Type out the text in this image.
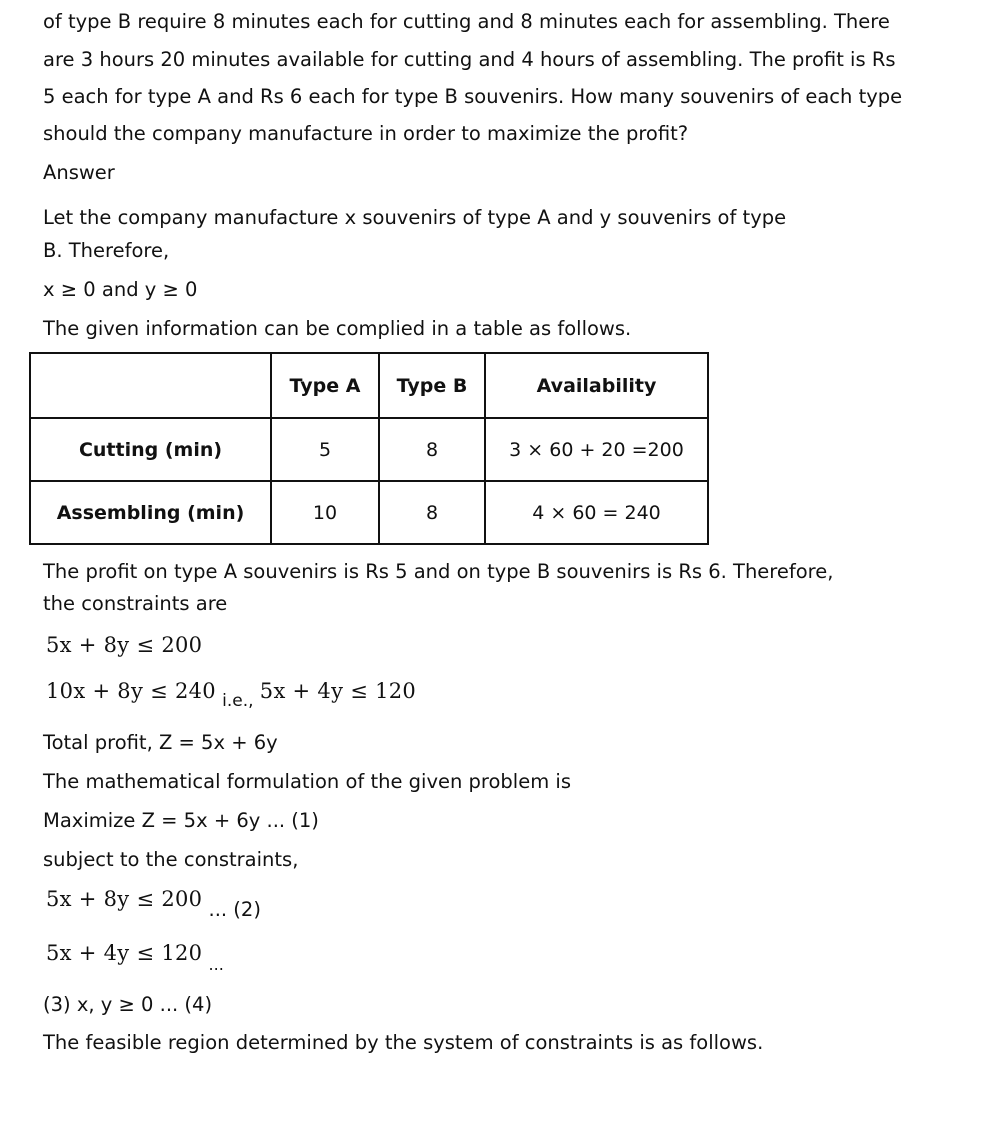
of type B require 8 minutes each for cutting and 8 minutes each for assembling. There
are 3 hours 20 minutes available for cutting and 4 hours of assembling. The profit is Rs
5 each for type A and Rs 6 each for type B souvenirs. How many souvenirs of each type
should the company manufacture in order to maximize the profit?
Answer
Let the company manufacture x souvenirs of type A and y souvenirs of type
B. Therefore,
x ≥ 0 and y ≥ 0
The given information can be complied in a table as follows.
	Type A	Type B	Availability
Cutting (min)	5	8	3 × 60 + 20 =200
Assembling (min)	10	8	4 × 60 = 240
The profit on type A souvenirs is Rs 5 and on type B souvenirs is Rs 6. Therefore,
the constraints are
5x + 8y ≤ 200
10x + 8y ≤ 240 i.e., 5x + 4y ≤ 120
Total profit, Z = 5x + 6y
The mathematical formulation of the given problem is
Maximize Z = 5x + 6y ... (1)
subject to the constraints,
5x + 8y ≤ 200 ... (2)
5x + 4y ≤ 120 $_{...}$
(3) x, y ≥ 0 ... (4)
The feasible region determined by the system of constraints is as follows.
